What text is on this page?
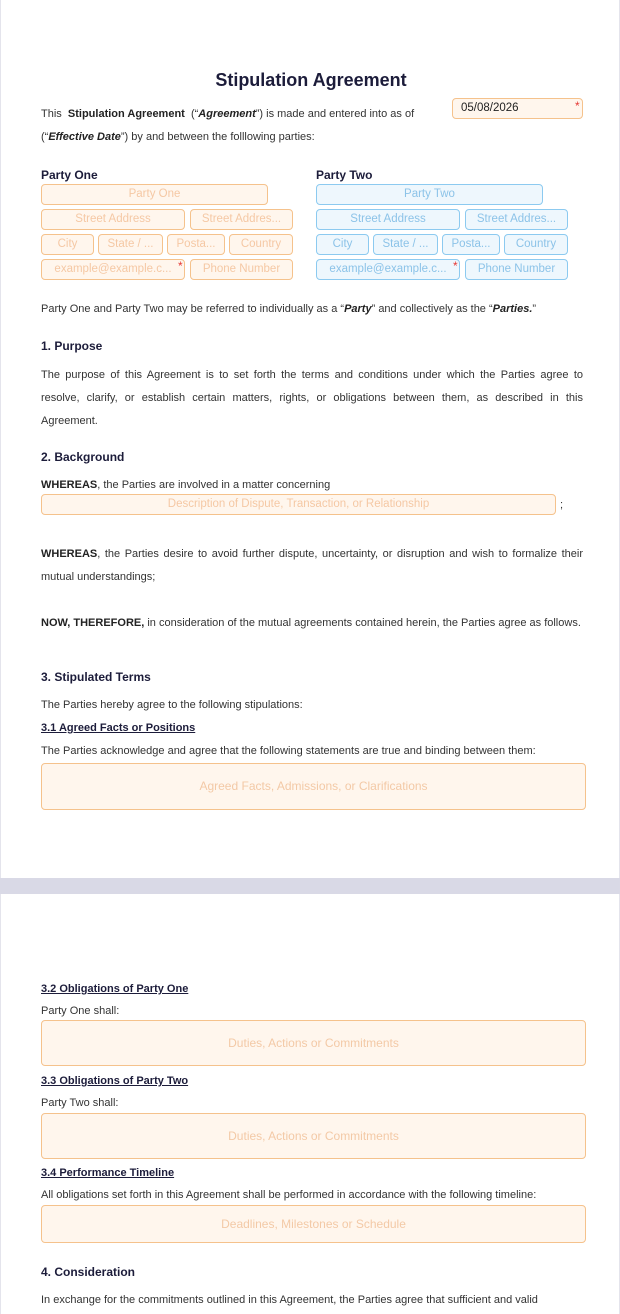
Stipulation Agreement
This Stipulation Agreement (“Agreement”) is made and entered into as of	05/08/2026	*
(“Effective Date”) by and between the folllowing parties:
Party One
Party One
Street Address	Street Addres...
City	State / ...	Posta...	Country
example@example.c... *	Phone Number
Party Two
Party Two
Street Address	Street Addres...
City	State / ...	Posta...	Country
example@example.c... *	Phone Number
Party One and Party Two may be referred to individually as a “Party” and collectively as the “Parties.”
1. Purpose
The purpose of this Agreement is to set forth the terms and conditions under which the Parties agree to resolve, clarify, or establish certain matters, rights, or obligations between them, as described in this Agreement.
2. Background
WHEREAS, the Parties are involved in a matter concerning
Description of Dispute, Transaction, or Relationship	;
WHEREAS, the Parties desire to avoid further dispute, uncertainty, or disruption and wish to formalize their mutual understandings;
NOW, THEREFORE, in consideration of the mutual agreements contained herein, the Parties agree as follows.
3. Stipulated Terms
The Parties hereby agree to the following stipulations:
3.1 Agreed Facts or Positions
The Parties acknowledge and agree that the following statements are true and binding between them:
Agreed Facts, Admissions, or Clarifications
3.2 Obligations of Party One
Party One shall:
Duties, Actions or Commitments
3.3 Obligations of Party Two
Party Two shall:
Duties, Actions or Commitments
3.4 Performance Timeline
All obligations set forth in this Agreement shall be performed in accordance with the following timeline:
Deadlines, Milestones or Schedule
4. Consideration
In exchange for the commitments outlined in this Agreement, the Parties agree that sufficient and valid
